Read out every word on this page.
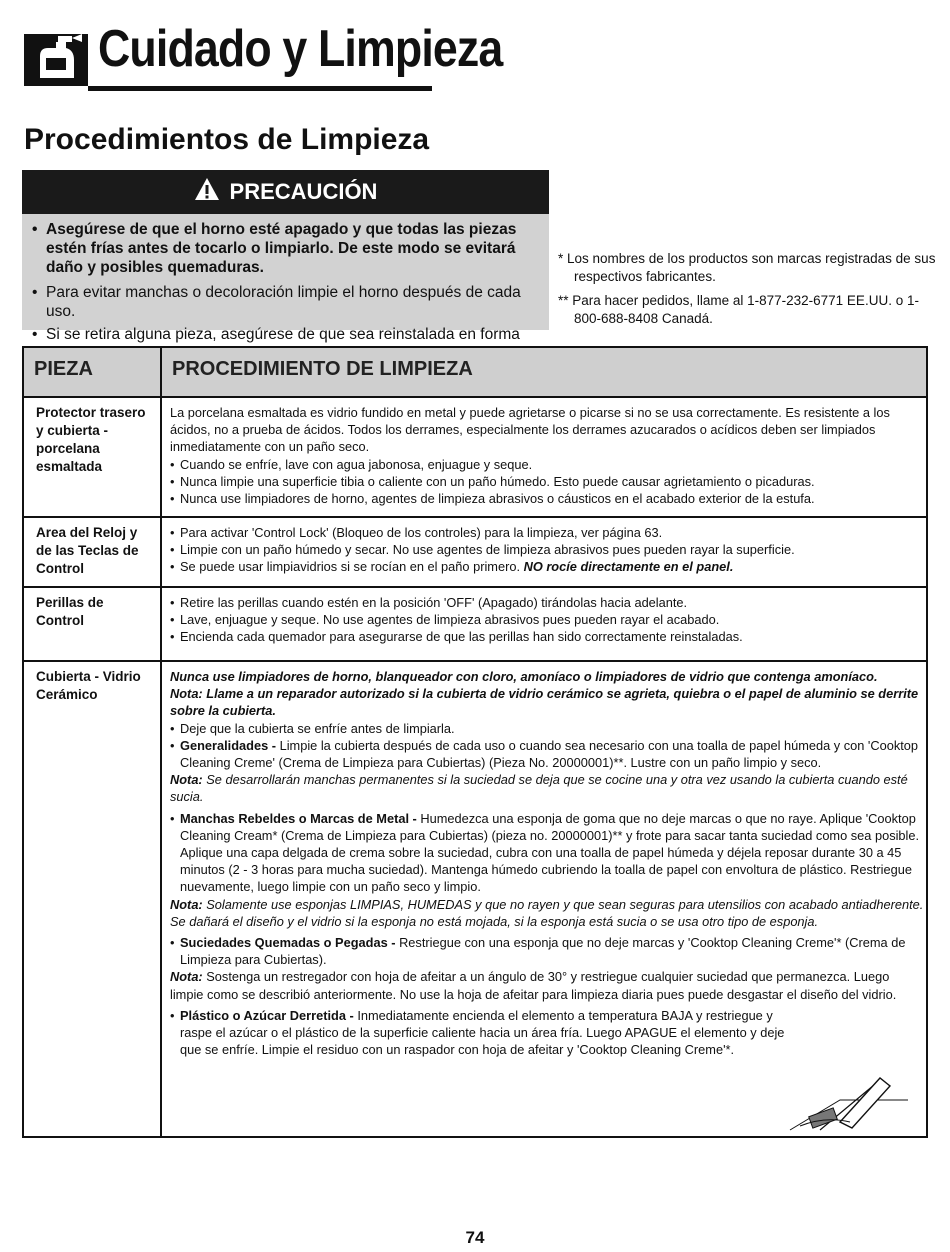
Cuidado y Limpieza
Procedimientos de Limpieza
PRECAUCIÓN
• Asegúrese de que el horno esté apagado y que todas las piezas estén frías antes de tocarlo o limpiarlo. De este modo se evitará daño y posibles quemaduras.
• Para evitar manchas o decoloración limpie el horno después de cada uso.
• Si se retira alguna pieza, asegúrese de que sea reinstalada en forma

* Los nombres de los productos son marcas registradas de sus respectivos fabricantes.

** Para hacer pedidos, llame al 1-877-232-6771 EE.UU. o 1-800-688-8408 Canadá.

PIEZA	PROCEDIMIENTO DE LIMPIEZA
Protector trasero y cubierta - porcelana esmaltada

La porcelana esmaltada es vidrio fundido en metal y puede agrietarse o picarse si no se usa correctamente. Es resistente a los ácidos, no a prueba de ácidos. Todos los derrames, especialmente los derrames azucarados o acídicos deben ser limpiados inmediatamente con un paño seco.

• Cuando se enfríe, lave con agua jabonosa, enjuague y seque.
• Nunca limpie una superficie tibia o caliente con un paño húmedo. Esto puede causar agrietamiento o picaduras.
• Nunca use limpiadores de horno, agentes de limpieza abrasivos o cáusticos en el acabado exterior de la estufa.
Area del Reloj y de las Teclas de Control
• Para activar 'Control Lock' (Bloqueo de los controles) para la limpieza, ver página 63.
• Limpie con un paño húmedo y secar. No use agentes de limpieza abrasivos pues pueden rayar la superficie.
• Se puede usar limpiavidrios si se rocían en el paño primero. NO rocíe directamente en el panel.
Perillas de Control
• Retire las perillas cuando estén en la posición 'OFF' (Apagado) tirándolas hacia adelante.
• Lave, enjuague y seque. No use agentes de limpieza abrasivos pues pueden rayar el acabado.
• Encienda cada quemador para asegurarse de que las perillas han sido correctamente reinstaladas.
Cubierta - Vidrio Cerámico

Nunca use limpiadores de horno, blanqueador con cloro, amoníaco o limpiadores de vidrio que contenga amoníaco.

Nota: Llame a un reparador autorizado si la cubierta de vidrio cerámico se agrieta, quiebra o el papel de aluminio se derrite sobre la cubierta.

• Deje que la cubierta se enfríe antes de limpiarla.
• Generalidades - Limpie la cubierta después de cada uso o cuando sea necesario con una toalla de papel húmeda y con 'Cooktop Cleaning Creme' (Crema de Limpieza para Cubiertas) (Pieza No. 20000001)**. Lustre con un paño limpio y seco.

Nota: Se desarrollarán manchas permanentes si la suciedad se deja que se cocine una y otra vez usando la cubierta cuando esté sucia.

• Manchas Rebeldes o Marcas de Metal - Humedezca una esponja de goma que no deje marcas o que no raye. Aplique 'Cooktop Cleaning Cream* (Crema de Limpieza para Cubiertas) (pieza no. 20000001)** y frote para sacar tanta suciedad como sea posible. Aplique una capa delgada de crema sobre la suciedad, cubra con una toalla de papel húmeda y déjela reposar durante 30 a 45 minutos (2 - 3 horas para mucha suciedad). Mantenga húmedo cubriendo la toalla de papel con envoltura de plástico. Restriegue nuevamente, luego limpie con un paño seco y limpio.

Nota: Solamente use esponjas LIMPIAS, HUMEDAS y que no rayen y que sean seguras para utensilios con acabado antiadherente. Se dañará el diseño y el vidrio si la esponja no está mojada, si la esponja está sucia o se usa otro tipo de esponja.

• Suciedades Quemadas o Pegadas - Restriegue con una esponja que no deje marcas y 'Cooktop Cleaning Creme'* (Crema de Limpieza para Cubiertas).

Nota: Sostenga un restregador con hoja de afeitar a un ángulo de 30° y restriegue cualquier suciedad que permanezca. Luego limpie como se describió anteriormente. No use la hoja de afeitar para limpieza diaria pues puede desgastar el diseño del vidrio.

• Plástico o Azúcar Derretida - Inmediatamente encienda el elemento a temperatura BAJA y restriegue y raspe el azúcar o el plástico de la superficie caliente hacia un área fría. Luego APAGUE el elemento y deje que se enfríe. Limpie el residuo con un raspador con hoja de afeitar y 'Cooktop Cleaning Creme'*.
74
